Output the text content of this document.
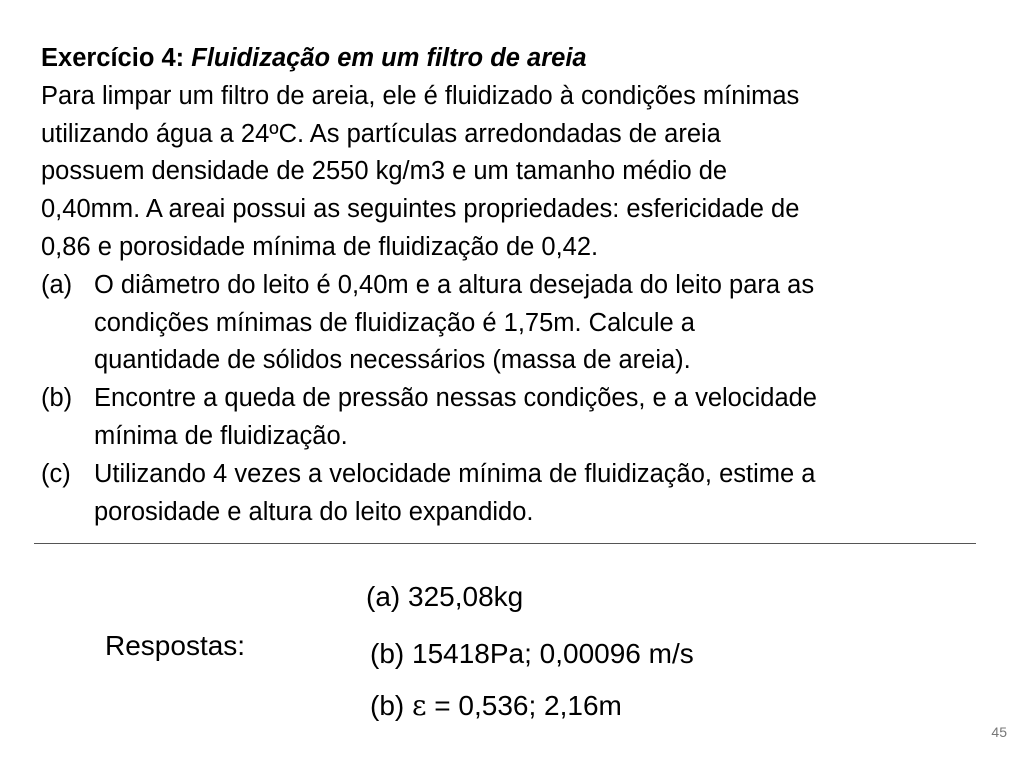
Exercício 4: Fluidização em um filtro de areia
Para limpar um filtro de areia, ele é fluidizado à condições mínimas
utilizando água a 24ºC. As partículas arredondadas de areia
possuem densidade de 2550 kg/m3 e um tamanho médio de
0,40mm. A areai possui as seguintes propriedades: esfericidade de
0,86 e porosidade mínima de fluidização de 0,42.
(a) O diâmetro do leito é 0,40m e a altura desejada do leito para as
condições mínimas de fluidização é 1,75m. Calcule a
quantidade de sólidos necessários (massa de areia).
(b) Encontre a queda de pressão nessas condições, e a velocidade
mínima de fluidização.
(c) Utilizando 4 vezes a velocidade mínima de fluidização, estime a
porosidade e altura do leito expandido.
Respostas:
(a) 325,08kg
(b) 15418Pa; 0,00096 m/s
(b) ε = 0,536; 2,16m
45
